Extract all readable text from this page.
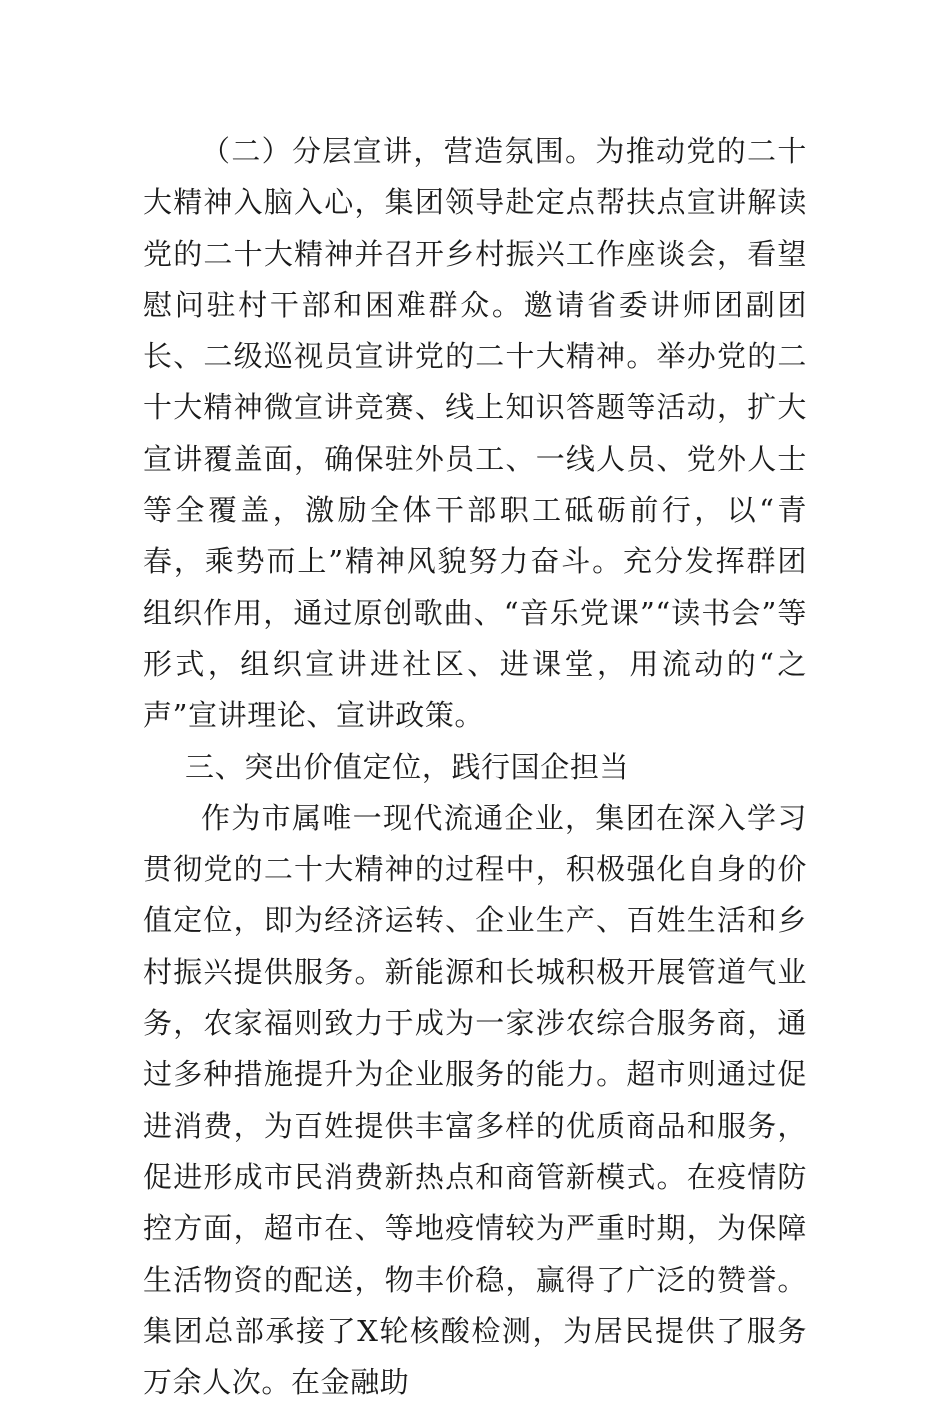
（二）分层宣讲，营造氛围。为推动党的二十大精神入脑入心，集团领导赴定点帮扶点宣讲解读党的二十大精神并召开乡村振兴工作座谈会，看望慰问驻村干部和困难群众。邀请省委讲师团副团长、二级巡视员宣讲党的二十大精神。举办党的二十大精神微宣讲竞赛、线上知识答题等活动，扩大宣讲覆盖面，确保驻外员工、一线人员、党外人士等全覆盖，激励全体干部职工砥砺前行，以“青春，乘势而上”精神风貌努力奋斗。充分发挥群团组织作用，通过原创歌曲、“音乐党课”“读书会”等形式，组织宣讲进社区、进课堂，用流动的“之声”宣讲理论、宣讲政策。

三、突出价值定位，践行国企担当

作为市属唯一现代流通企业，集团在深入学习贯彻党的二十大精神的过程中，积极强化自身的价值定位，即为经济运转、企业生产、百姓生活和乡村振兴提供服务。新能源和长城积极开展管道气业务，农家福则致力于成为一家涉农综合服务商，通过多种措施提升为企业服务的能力。超市则通过促进消费，为百姓提供丰富多样的优质商品和服务，促进形成市民消费新热点和商管新模式。在疫情防控方面，超市在、等地疫情较为严重时期，为保障生活物资的配送，物丰价稳，赢得了广泛的赞誉。集团总部承接了X轮核酸检测，为居民提供了服务万余人次。在金融助
